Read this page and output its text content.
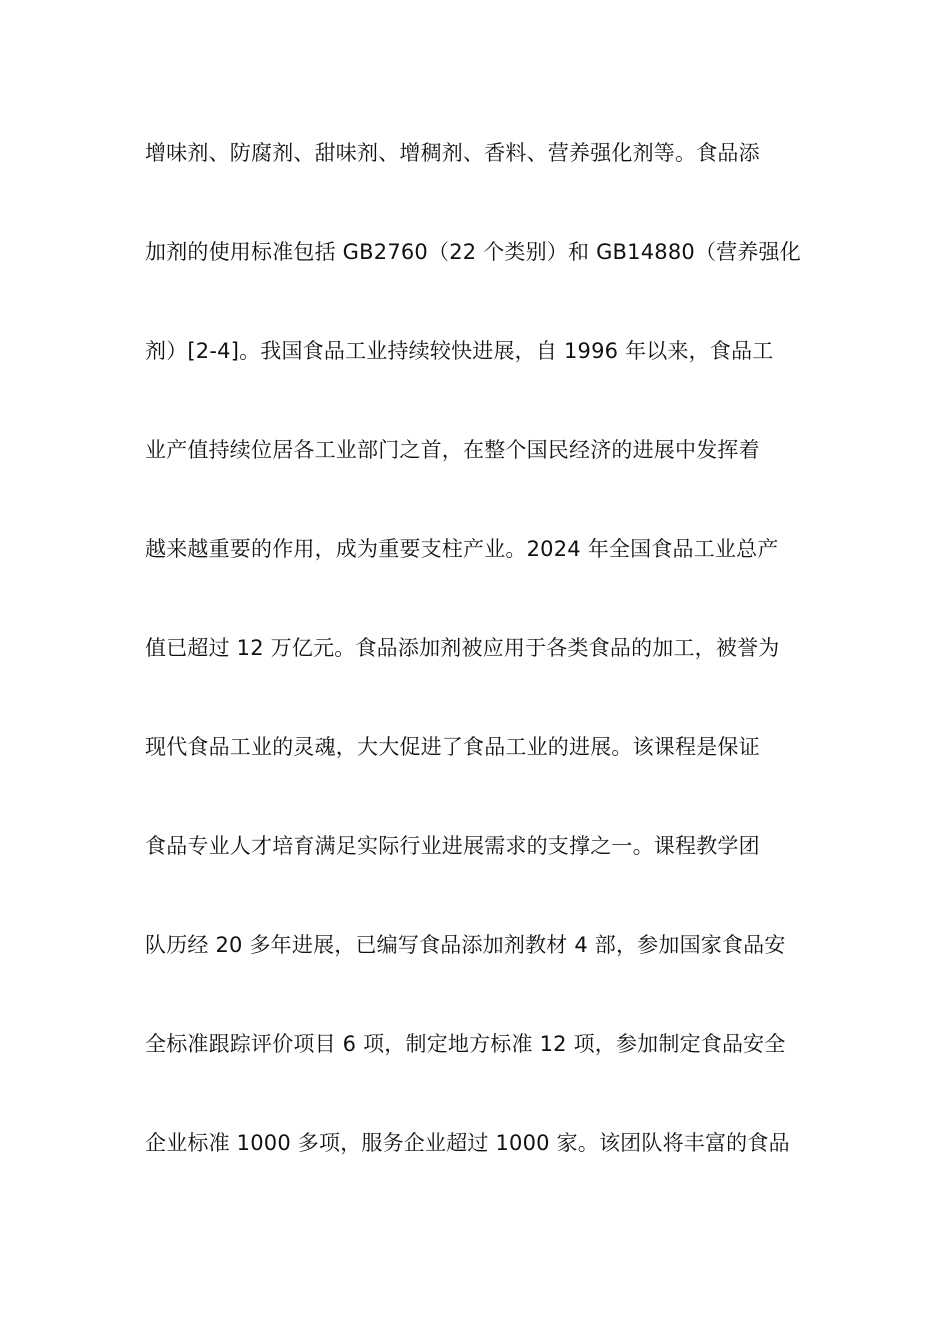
增味剂、防腐剂、甜味剂、增稠剂、香料、营养强化剂等。食品添
加剂的使用标准包括 GB2760（22 个类别）和 GB14880（营养强化
剂）[2-4]。我国食品工业持续较快进展，自 1996 年以来，食品工
业产值持续位居各工业部门之首，在整个国民经济的进展中发挥着
越来越重要的作用，成为重要支柱产业。2024 年全国食品工业总产
值已超过 12 万亿元。食品添加剂被应用于各类食品的加工，被誉为
现代食品工业的灵魂，大大促进了食品工业的进展。该课程是保证
食品专业人才培育满足实际行业进展需求的支撑之一。课程教学团
队历经 20 多年进展，已编写食品添加剂教材 4 部，参加国家食品安
全标准跟踪评价项目 6 项，制定地方标准 12 项，参加制定食品安全
企业标准 1000 多项，服务企业超过 1000 家。该团队将丰富的食品
